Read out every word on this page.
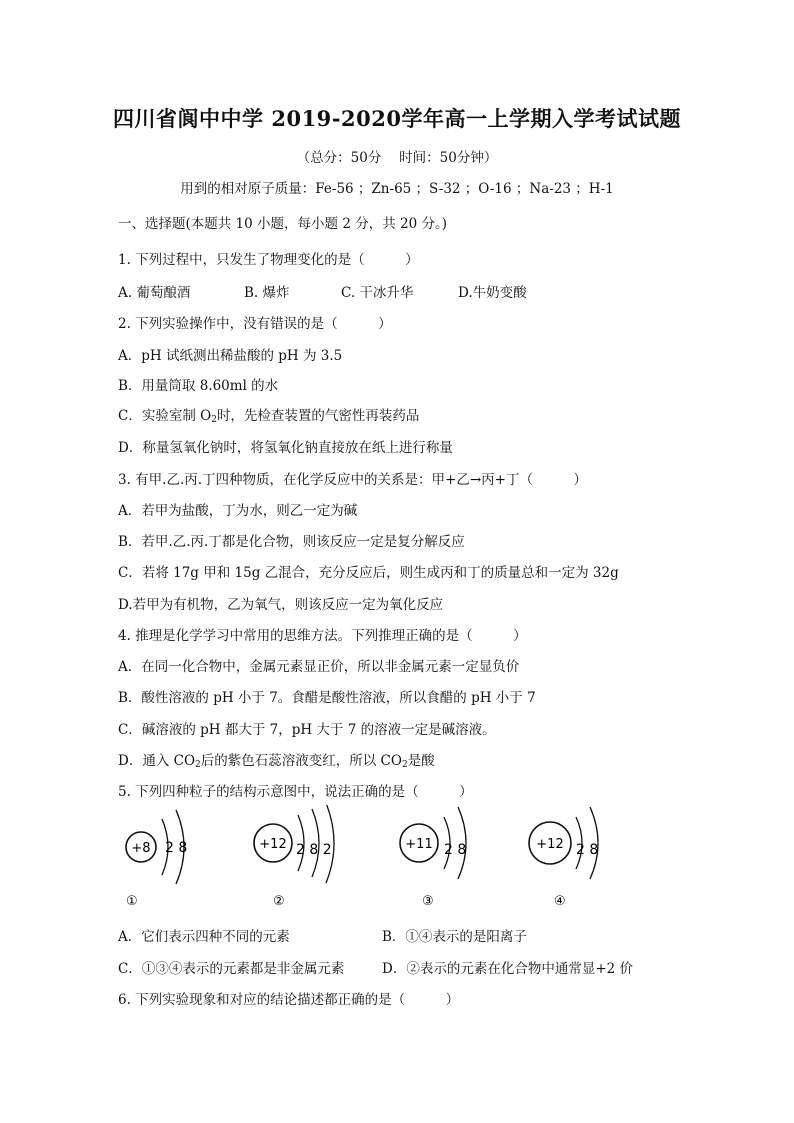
四川省阆中中学 2019-2020学年高一上学期入学考试试题
（总分：50分　 时间：50分钟）
用到的相对原子质量：Fe-56 ；Zn-65 ；S-32 ；O-16 ；Na-23 ；H-1
一、选择题(本题共 10 小题，每小题 2 分，共 20 分。)
1. 下列过程中，只发生了物理变化的是（　　　）
A. 葡萄酿酒	B. 爆炸	C. 干冰升华	D.牛奶变酸
2. 下列实验操作中，没有错误的是（　　　）
A．pH 试纸测出稀盐酸的 pH 为 3.5
B．用量筒取 8.60ml 的水
C．实验室制 $O_2$时，先检查装置的气密性再装药品
D．称量氢氧化钠时，将氢氧化钠直接放在纸上进行称量
3. 有甲.乙.丙.丁四种物质，在化学反应中的关系是：甲+乙→丙+丁（　　　）
A．若甲为盐酸，丁为水，则乙一定为碱
B．若甲.乙.丙.丁都是化合物，则该反应一定是复分解反应
C．若将 17g 甲和 15g 乙混合，充分反应后，则生成丙和丁的质量总和一定为 32g
D.若甲为有机物，乙为氧气，则该反应一定为氧化反应
4. 推理是化学学习中常用的思维方法。下列推理正确的是（　　　）
A．在同一化合物中，金属元素显正价，所以非金属元素一定显负价
B．酸性溶液的 pH 小于 7。食醋是酸性溶液，所以食醋的 pH 小于 7
C．碱溶液的 pH 都大于 7，pH 大于 7 的溶液一定是碱溶液。
D．通入 $CO_2$后的紫色石蕊溶液变红，所以 $CO_2$是酸
5. 下列四种粒子的结构示意图中，说法正确的是（　　　）
+8 2 8
①
+12 2 8 2
②
+11 2 8
③
+12 2 8
④
A．它们表示四种不同的元素	B．①④表示的是阳离子
C．①③④表示的元素都是非金属元素	D．②表示的元素在化合物中通常显+2 价
6. 下列实验现象和对应的结论描述都正确的是（　　　）
